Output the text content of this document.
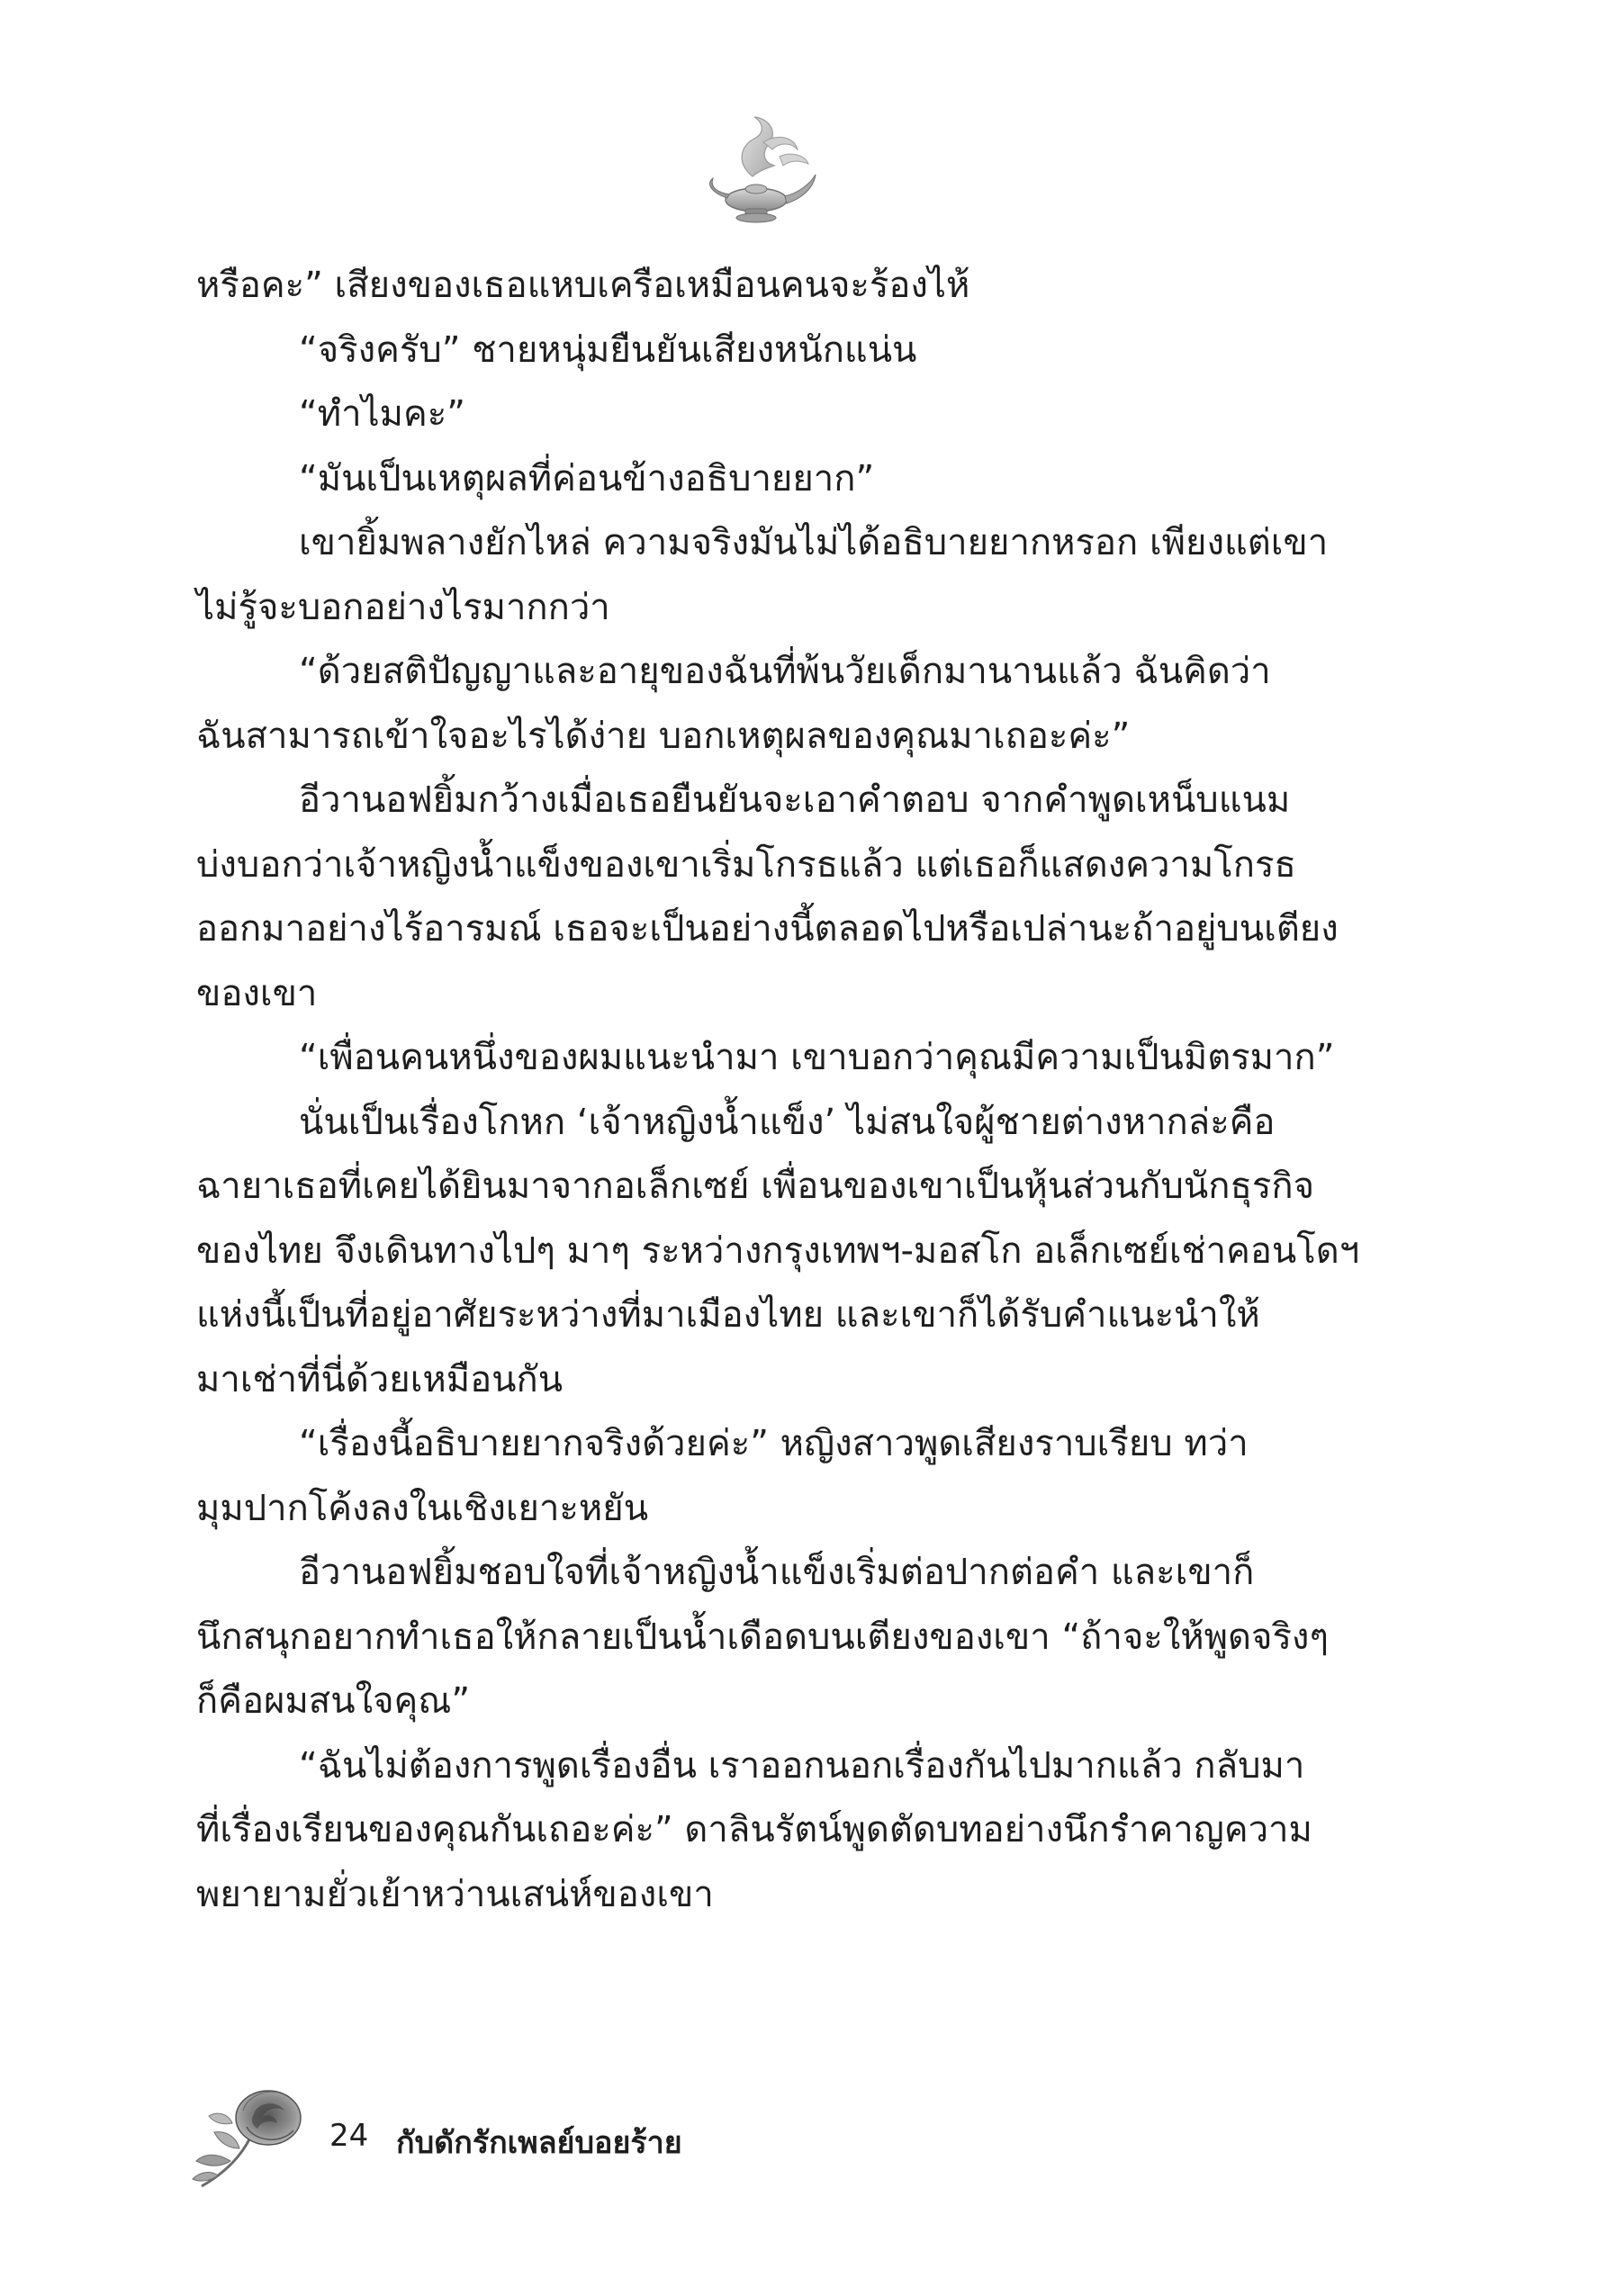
หรือคะ” เสียงของเธอแหบเครือเหมือนคนจะร้องไห้
“จริงครับ” ชายหนุ่มยืนยันเสียงหนักแน่น
“ทำไมคะ”
“มันเป็นเหตุผลที่ค่อนข้างอธิบายยาก”
เขายิ้มพลางยักไหล่ ความจริงมันไม่ได้อธิบายยากหรอก เพียงแต่เขา
ไม่รู้จะบอกอย่างไรมากกว่า
“ด้วยสติปัญญาและอายุของฉันที่พ้นวัยเด็กมานานแล้ว ฉันคิดว่า
ฉันสามารถเข้าใจอะไรได้ง่าย บอกเหตุผลของคุณมาเถอะค่ะ”
อีวานอฟยิ้มกว้างเมื่อเธอยืนยันจะเอาคำตอบ จากคำพูดเหน็บแนม
บ่งบอกว่าเจ้าหญิงน้ำแข็งของเขาเริ่มโกรธแล้ว แต่เธอก็แสดงความโกรธ
ออกมาอย่างไร้อารมณ์ เธอจะเป็นอย่างนี้ตลอดไปหรือเปล่านะถ้าอยู่บนเตียง
ของเขา
“เพื่อนคนหนึ่งของผมแนะนำมา เขาบอกว่าคุณมีความเป็นมิตรมาก”
นั่นเป็นเรื่องโกหก ‘เจ้าหญิงน้ำแข็ง’ ไม่สนใจผู้ชายต่างหากล่ะคือ
ฉายาเธอที่เคยได้ยินมาจากอเล็กเซย์ เพื่อนของเขาเป็นหุ้นส่วนกับนักธุรกิจ
ของไทย จึงเดินทางไปๆ มาๆ ระหว่างกรุงเทพฯ-มอสโก อเล็กเซย์เช่าคอนโดฯ
แห่งนี้เป็นที่อยู่อาศัยระหว่างที่มาเมืองไทย และเขาก็ได้รับคำแนะนำให้
มาเช่าที่นี่ด้วยเหมือนกัน
“เรื่องนี้อธิบายยากจริงด้วยค่ะ” หญิงสาวพูดเสียงราบเรียบ ทว่า
มุมปากโค้งลงในเชิงเยาะหยัน
อีวานอฟยิ้มชอบใจที่เจ้าหญิงน้ำแข็งเริ่มต่อปากต่อคำ และเขาก็
นึกสนุกอยากทำเธอให้กลายเป็นน้ำเดือดบนเตียงของเขา “ถ้าจะให้พูดจริงๆ
ก็คือผมสนใจคุณ”
“ฉันไม่ต้องการพูดเรื่องอื่น เราออกนอกเรื่องกันไปมากแล้ว กลับมา
ที่เรื่องเรียนของคุณกันเถอะค่ะ” ดาลินรัตน์พูดตัดบทอย่างนึกรำคาญความ
พยายามยั่วเย้าหว่านเสน่ห์ของเขา
24 กับดักรักเพลย์บอยร้าย
